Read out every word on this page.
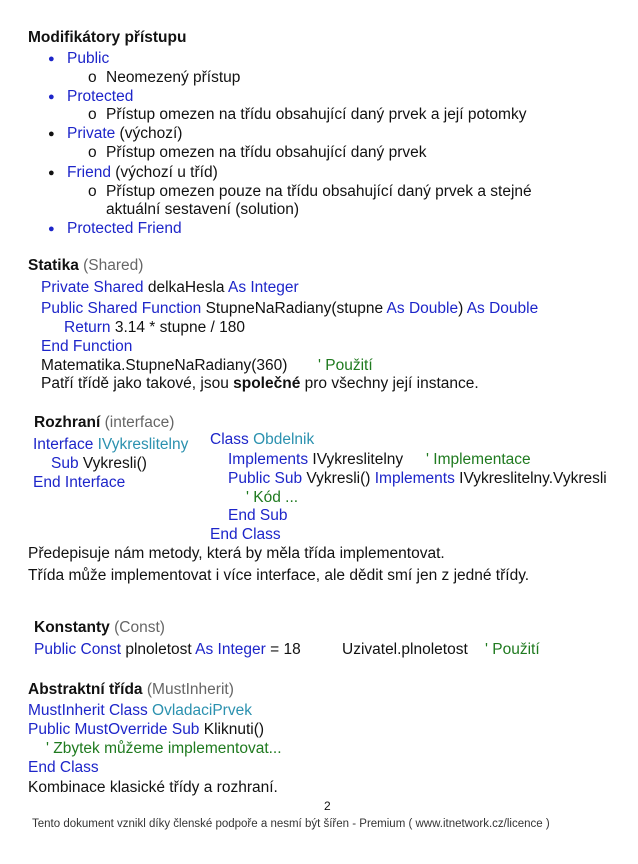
Modifikátory přístupu
● Public
o Neomezený přístup
● Protected
o Přístup omezen na třídu obsahující daný prvek a její potomky
● Private (výchozí)
o Přístup omezen na třídu obsahující daný prvek
● Friend (výchozí u tříd)
o Přístup omezen pouze na třídu obsahující daný prvek a stejné
aktuální sestavení (solution)
● Protected Friend
Statika (Shared)
Private Shared delkaHesla As Integer
Public Shared Function StupneNaRadiany(stupne As Double) As Double
Return 3.14 * stupne / 180
End Function
Matematika.StupneNaRadiany(360) ' Použití
Patří třídě jako takové, jsou společné pro všechny její instance.
Rozhraní (interface)
Interface IVykreslitelny
Sub Vykresli()
End Interface
Class Obdelnik
Implements IVykreslitelny ' Implementace
Public Sub Vykresli() Implements IVykreslitelny.Vykresli
' Kód ...
End Sub
End Class
Předepisuje nám metody, která by měla třída implementovat.
Třída může implementovat i více interface, ale dědit smí jen z jedné třídy.
Konstanty (Const)
Public Const plnoletost As Integer = 18	Uzivatel.plnoletost ' Použití
Abstraktní třída (MustInherit)
MustInherit Class OvladaciPrvek
Public MustOverride Sub Kliknuti()
' Zbytek můžeme implementovat...
End Class
Kombinace klasické třídy a rozhraní.
2
Tento dokument vznikl díky členské podpoře a nesmí být šířen - Premium ( www.itnetwork.cz/licence )
